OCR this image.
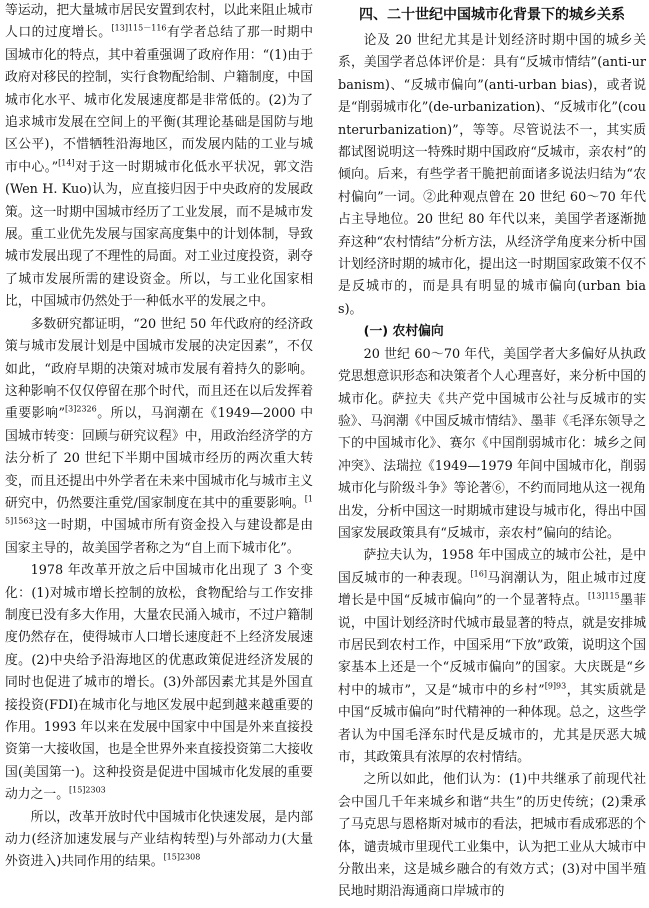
等运动，把大量城市居民安置到农村，以此来阻止城市人口的过度增长。$^{[13]115-116}$有学者总结了那一时期中国城市化的特点，其中着重强调了政府作用：“(1)由于政府对移民的控制，实行食物配给制、户籍制度，中国城市化水平、城市化发展速度都是非常低的。(2)为了追求城市发展在空间上的平衡(其理论基础是国防与地区公平)，不惜牺牲沿海地区，而发展内陆的工业与城市中心。”[14]对于这一时期城市化低水平状况，郭文浩(Wen H. Kuo)认为，应直接归因于中央政府的发展政策。这一时期中国城市经历了工业发展，而不是城市发展。重工业优先发展与国家高度集中的计划体制，导致城市发展出现了不理性的局面。对工业过度投资，剥夺了城市发展所需的建设资金。所以，与工业化国家相比，中国城市仍然处于一种低水平的发展之中。

多数研究都证明，“20 世纪 50 年代政府的经济政策与城市发展计划是中国城市发展的决定因素”，不仅如此，“政府早期的决策对城市发展有着持久的影响。这种影响不仅仅停留在那个时代，而且还在以后发挥着重要影响”$^{[3]2326}$。所以，马润潮在《1949—2000 中国城市转变：回顾与研究议程》中，用政治经济学的方法分析了 20 世纪下半期中国城市经历的两次重大转变，而且还提出中外学者在未来中国城市化与城市主义研究中，仍然要注重党/国家制度在其中的重要影响。$^{[15]1563}$这一时期，中国城市所有资金投入与建设都是由国家主导的，故美国学者称之为“自上而下城市化”。

1978 年改革开放之后中国城市化出现了 3 个变化：(1)对城市增长控制的放松，食物配给与工作安排制度已没有多大作用，大量农民涌入城市，不过户籍制度仍然存在，使得城市人口增长速度赶不上经济发展速度。(2)中央给予沿海地区的优惠政策促进经济发展的同时也促进了城市的增长。(3)外部因素尤其是外国直接投资(FDI)在城市化与地区发展中起到越来越重要的作用。1993 年以来在发展中国家中中国是外来直接投资第一大接收国，也是全世界外来直接投资第二大接收国(美国第一)。这种投资是促进中国城市化发展的重要动力之一。$^{[15]2303}$

所以，改革开放时代中国城市化快速发展，是内部动力(经济加速发展与产业结构转型)与外部动力(大量外资进入)共同作用的结果。$^{[15]2308}$

四、二十世纪中国城市化背景下的城乡关系

论及 20 世纪尤其是计划经济时期中国的城乡关系，美国学者总体评价是：具有“反城市情结”(anti-urbanism)、“反城市偏向”(anti-urban bias)，或者说是“削弱城市化”(de-urbanization)、“反城市化”(counterurbanization)”，等等。尽管说法不一，其实质都试图说明这一特殊时期中国政府“反城市，亲农村”的倾向。后来，有些学者干脆把前面诸多说法归结为“农村偏向”一词。②此种观点曾在 20 世纪 60～70 年代占主导地位。20 世纪 80 年代以来，美国学者逐渐抛弃这种“农村情结”分析方法，从经济学角度来分析中国计划经济时期的城市化，提出这一时期国家政策不仅不是反城市的，而是具有明显的城市偏向(urban bias)。

(一) 农村偏向

20 世纪 60～70 年代，美国学者大多偏好从执政党思想意识形态和决策者个人心理喜好，来分析中国的城市化。萨拉夫《共产党中国城市公社与反城市的实验》、马润潮《中国反城市情结》、墨菲《毛泽东领导之下的中国城市化》、赛尔《中国削弱城市化：城乡之间冲突》、法瑞拉《1949—1979 年间中国城市化，削弱城市化与阶级斗争》等论著⑥，不约而同地从这一视角出发，分析中国这一时期城市建设与城市化，得出中国国家发展政策具有“反城市，亲农村”偏向的结论。

萨拉夫认为，1958 年中国成立的城市公社，是中国反城市的一种表现。[16]马润潮认为，阻止城市过度增长是中国“反城市偏向”的一个显著特点。$^{[13]115}$墨菲说，中国计划经济时代城市最显著的特点，就是安排城市居民到农村工作，中国采用“下放”政策，说明这个国家基本上还是一个“反城市偏向”的国家。大庆既是“乡村中的城市”，又是“城市中的乡村”$^{[9]93}$，其实质就是中国“反城市偏向”时代精神的一种体现。总之，这些学者认为中国毛泽东时代是反城市的，尤其是厌恶大城市，其政策具有浓厚的农村情结。

之所以如此，他们认为：(1)中共继承了前现代社会中国几千年来城乡和谐“共生”的历史传统；(2)秉承了马克思与恩格斯对城市的看法，把城市看成邪恶的个体，谴责城市里现代工业集中，认为把工业从大城市中分散出来，这是城乡融合的有效方式；(3)对中国半殖民地时期沿海通商口岸城市的
